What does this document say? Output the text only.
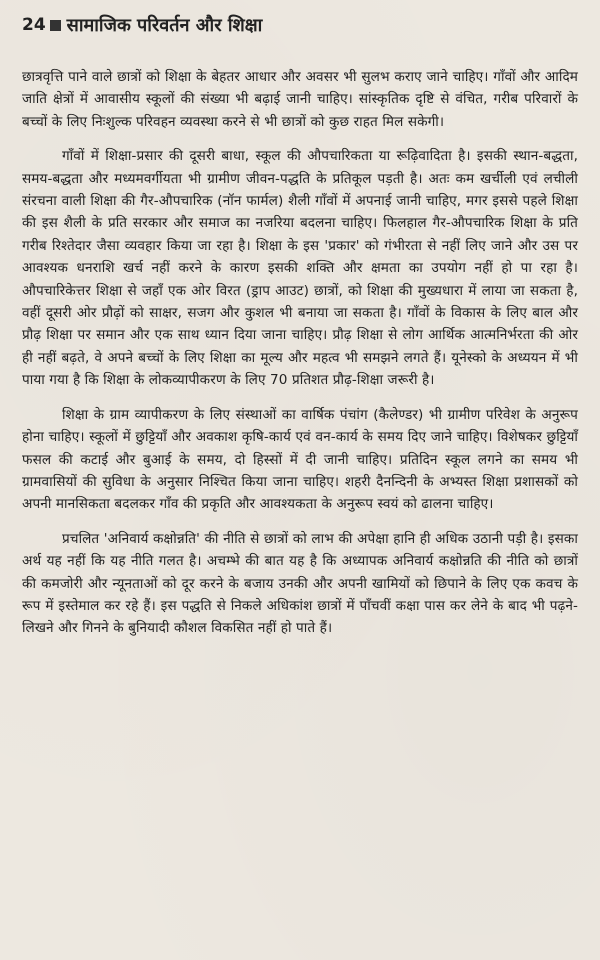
24 सामाजिक परिवर्तन और शिक्षा

छात्रवृत्ति पाने वाले छात्रों को शिक्षा के बेहतर आधार और अवसर भी सुलभ कराए जाने चाहिए। गाँवों और आदिम जाति क्षेत्रों में आवासीय स्कूलों की संख्या भी बढ़ाई जानी चाहिए। सांस्कृतिक दृष्टि से वंचित, गरीब परिवारों के बच्चों के लिए निःशुल्क परिवहन व्यवस्था करने से भी छात्रों को कुछ राहत मिल सकेगी।

गाँवों में शिक्षा-प्रसार की दूसरी बाधा, स्कूल की औपचारिकता या रूढ़िवादिता है। इसकी स्थान-बद्धता, समय-बद्धता और मध्यमवर्गीयता भी ग्रामीण जीवन-पद्धति के प्रतिकूल पड़ती है। अतः कम खर्चीली एवं लचीली संरचना वाली शिक्षा की गैर-औपचारिक (नॉन फार्मल) शैली गाँवों में अपनाई जानी चाहिए, मगर इससे पहले शिक्षा की इस शैली के प्रति सरकार और समाज का नजरिया बदलना चाहिए। फिलहाल गैर-औपचारिक शिक्षा के प्रति गरीब रिश्तेदार जैसा व्यवहार किया जा रहा है। शिक्षा के इस 'प्रकार' को गंभीरता से नहीं लिए जाने और उस पर आवश्यक धनराशि खर्च नहीं करने के कारण इसकी शक्ति और क्षमता का उपयोग नहीं हो पा रहा है। औपचारिकेत्तर शिक्षा से जहाँ एक ओर विरत (ड्राप आउट) छात्रों, को शिक्षा की मुख्यधारा में लाया जा सकता है, वहीं दूसरी ओर प्रौढ़ों को साक्षर, सजग और कुशल भी बनाया जा सकता है। गाँवों के विकास के लिए बाल और प्रौढ़ शिक्षा पर समान और एक साथ ध्यान दिया जाना चाहिए। प्रौढ़ शिक्षा से लोग आर्थिक आत्मनिर्भरता की ओर ही नहीं बढ़ते, वे अपने बच्चों के लिए शिक्षा का मूल्य और महत्व भी समझने लगते हैं। यूनेस्को के अध्ययन में भी पाया गया है कि शिक्षा के लोकव्यापीकरण के लिए 70 प्रतिशत प्रौढ़-शिक्षा जरूरी है।

शिक्षा के ग्राम व्यापीकरण के लिए संस्थाओं का वार्षिक पंचांग (कैलेण्डर) भी ग्रामीण परिवेश के अनुरूप होना चाहिए। स्कूलों में छुट्टियाँ और अवकाश कृषि-कार्य एवं वन-कार्य के समय दिए जाने चाहिए। विशेषकर छुट्टियाँ फसल की कटाई और बुआई के समय, दो हिस्सों में दी जानी चाहिए। प्रतिदिन स्कूल लगने का समय भी ग्रामवासियों की सुविधा के अनुसार निश्चित किया जाना चाहिए। शहरी दैनन्दिनी के अभ्यस्त शिक्षा प्रशासकों को अपनी मानसिकता बदलकर गाँव की प्रकृति और आवश्यकता के अनुरूप स्वयं को ढालना चाहिए।

प्रचलित 'अनिवार्य कक्षोन्नति' की नीति से छात्रों को लाभ की अपेक्षा हानि ही अधिक उठानी पड़ी है। इसका अर्थ यह नहीं कि यह नीति गलत है। अचम्भे की बात यह है कि अध्यापक अनिवार्य कक्षोन्नति की नीति को छात्रों की कमजोरी और न्यूनताओं को दूर करने के बजाय उनकी और अपनी खामियों को छिपाने के लिए एक कवच के रूप में इस्तेमाल कर रहे हैं। इस पद्धति से निकले अधिकांश छात्रों में पाँचवीं कक्षा पास कर लेने के बाद भी पढ़ने-लिखने और गिनने के बुनियादी कौशल विकसित नहीं हो पाते हैं।
